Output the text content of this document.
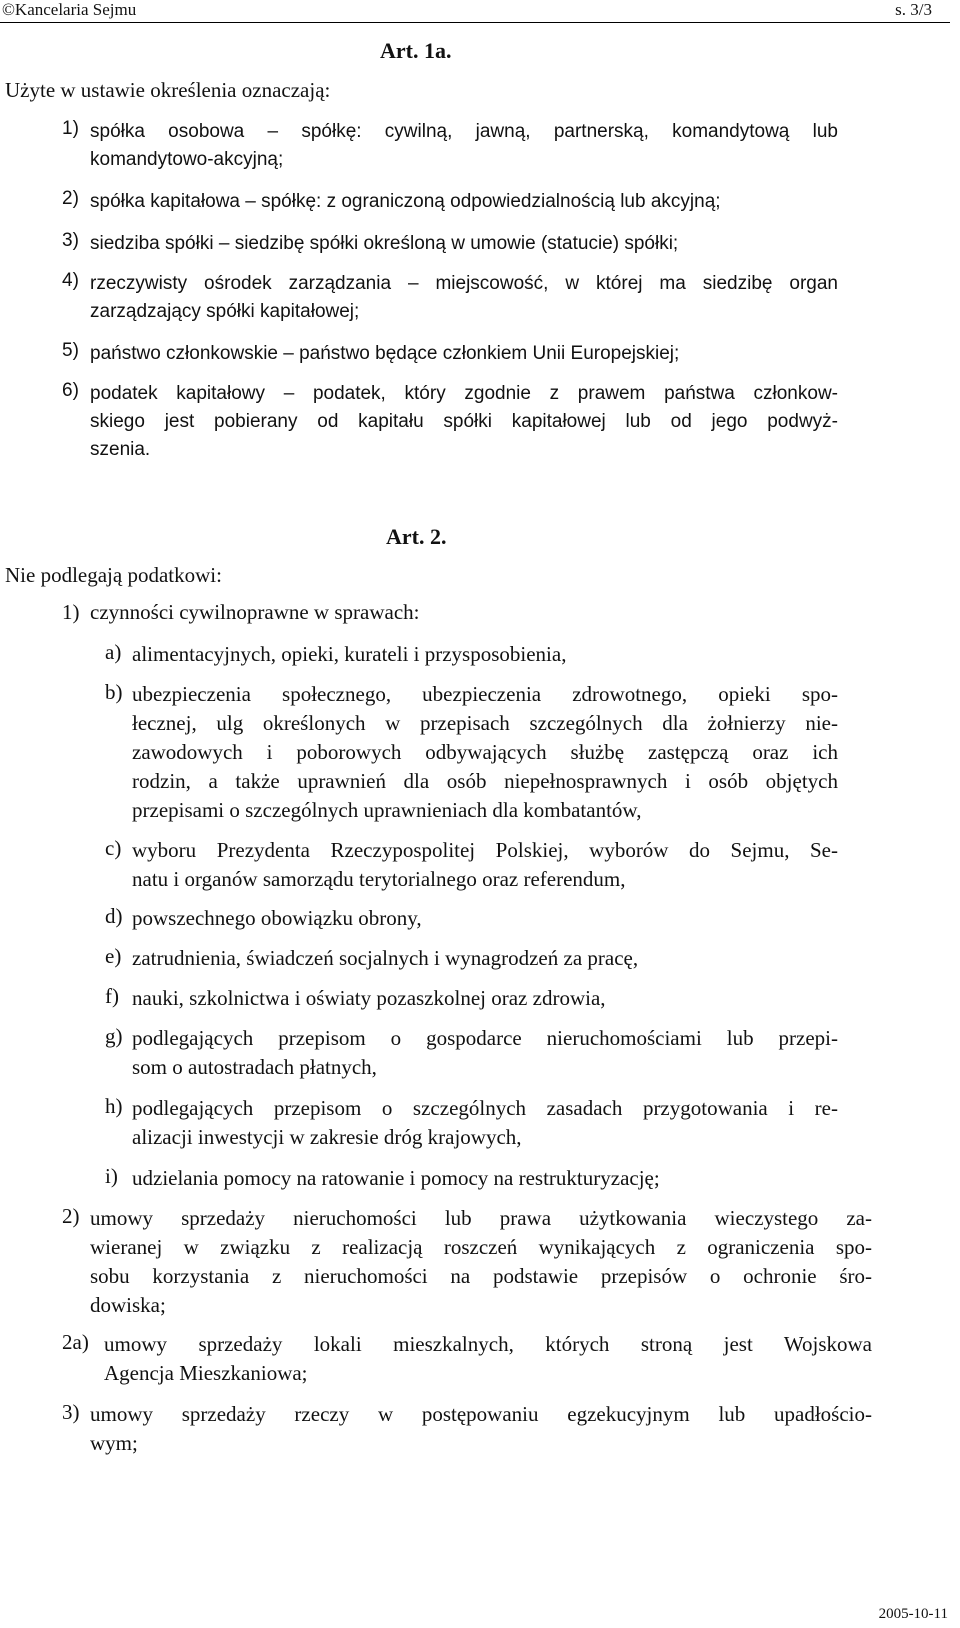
©Kancelaria Sejmu	s. 3/3
Art. 1a.
Użyte w ustawie określenia oznaczają:
1) spółka osobowa – spółkę: cywilną, jawną, partnerską, komandytową lub
komandytowo-akcyjną;
2) spółka kapitałowa – spółkę: z ograniczoną odpowiedzialnością lub akcyjną;
3) siedziba spółki – siedzibę spółki określoną w umowie (statucie) spółki;
4) rzeczywisty ośrodek zarządzania – miejscowość, w której ma siedzibę organ
zarządzający spółki kapitałowej;
5) państwo członkowskie – państwo będące członkiem Unii Europejskiej;
6) podatek kapitałowy – podatek, który zgodnie z prawem państwa członkow-
skiego jest pobierany od kapitału spółki kapitałowej lub od jego podwyż-
szenia.
Art. 2.
Nie podlegają podatkowi:
1) czynności cywilnoprawne w sprawach:
a) alimentacyjnych, opieki, kurateli i przysposobienia,
b) ubezpieczenia społecznego, ubezpieczenia zdrowotnego, opieki spo-
łecznej, ulg określonych w przepisach szczególnych dla żołnierzy nie-
zawodowych i poborowych odbywających służbę zastępczą oraz ich
rodzin, a także uprawnień dla osób niepełnosprawnych i osób objętych
przepisami o szczególnych uprawnieniach dla kombatantów,
c) wyboru Prezydenta Rzeczypospolitej Polskiej, wyborów do Sejmu, Se-
natu i organów samorządu terytorialnego oraz referendum,
d) powszechnego obowiązku obrony,
e) zatrudnienia, świadczeń socjalnych i wynagrodzeń za pracę,
f) nauki, szkolnictwa i oświaty pozaszkolnej oraz zdrowia,
g) podlegających przepisom o gospodarce nieruchomościami lub przepi-
som o autostradach płatnych,
h) podlegających przepisom o szczególnych zasadach przygotowania i re-
alizacji inwestycji w zakresie dróg krajowych,
i) udzielania pomocy na ratowanie i pomocy na restrukturyzację;
2) umowy sprzedaży nieruchomości lub prawa użytkowania wieczystego za-
wieranej w związku z realizacją roszczeń wynikających z ograniczenia spo-
sobu korzystania z nieruchomości na podstawie przepisów o ochronie śro-
dowiska;
2a) umowy sprzedaży lokali mieszkalnych, których stroną jest Wojskowa
Agencja Mieszkaniowa;
3) umowy sprzedaży rzeczy w postępowaniu egzekucyjnym lub upadłościo-
wym;
2005-10-11
